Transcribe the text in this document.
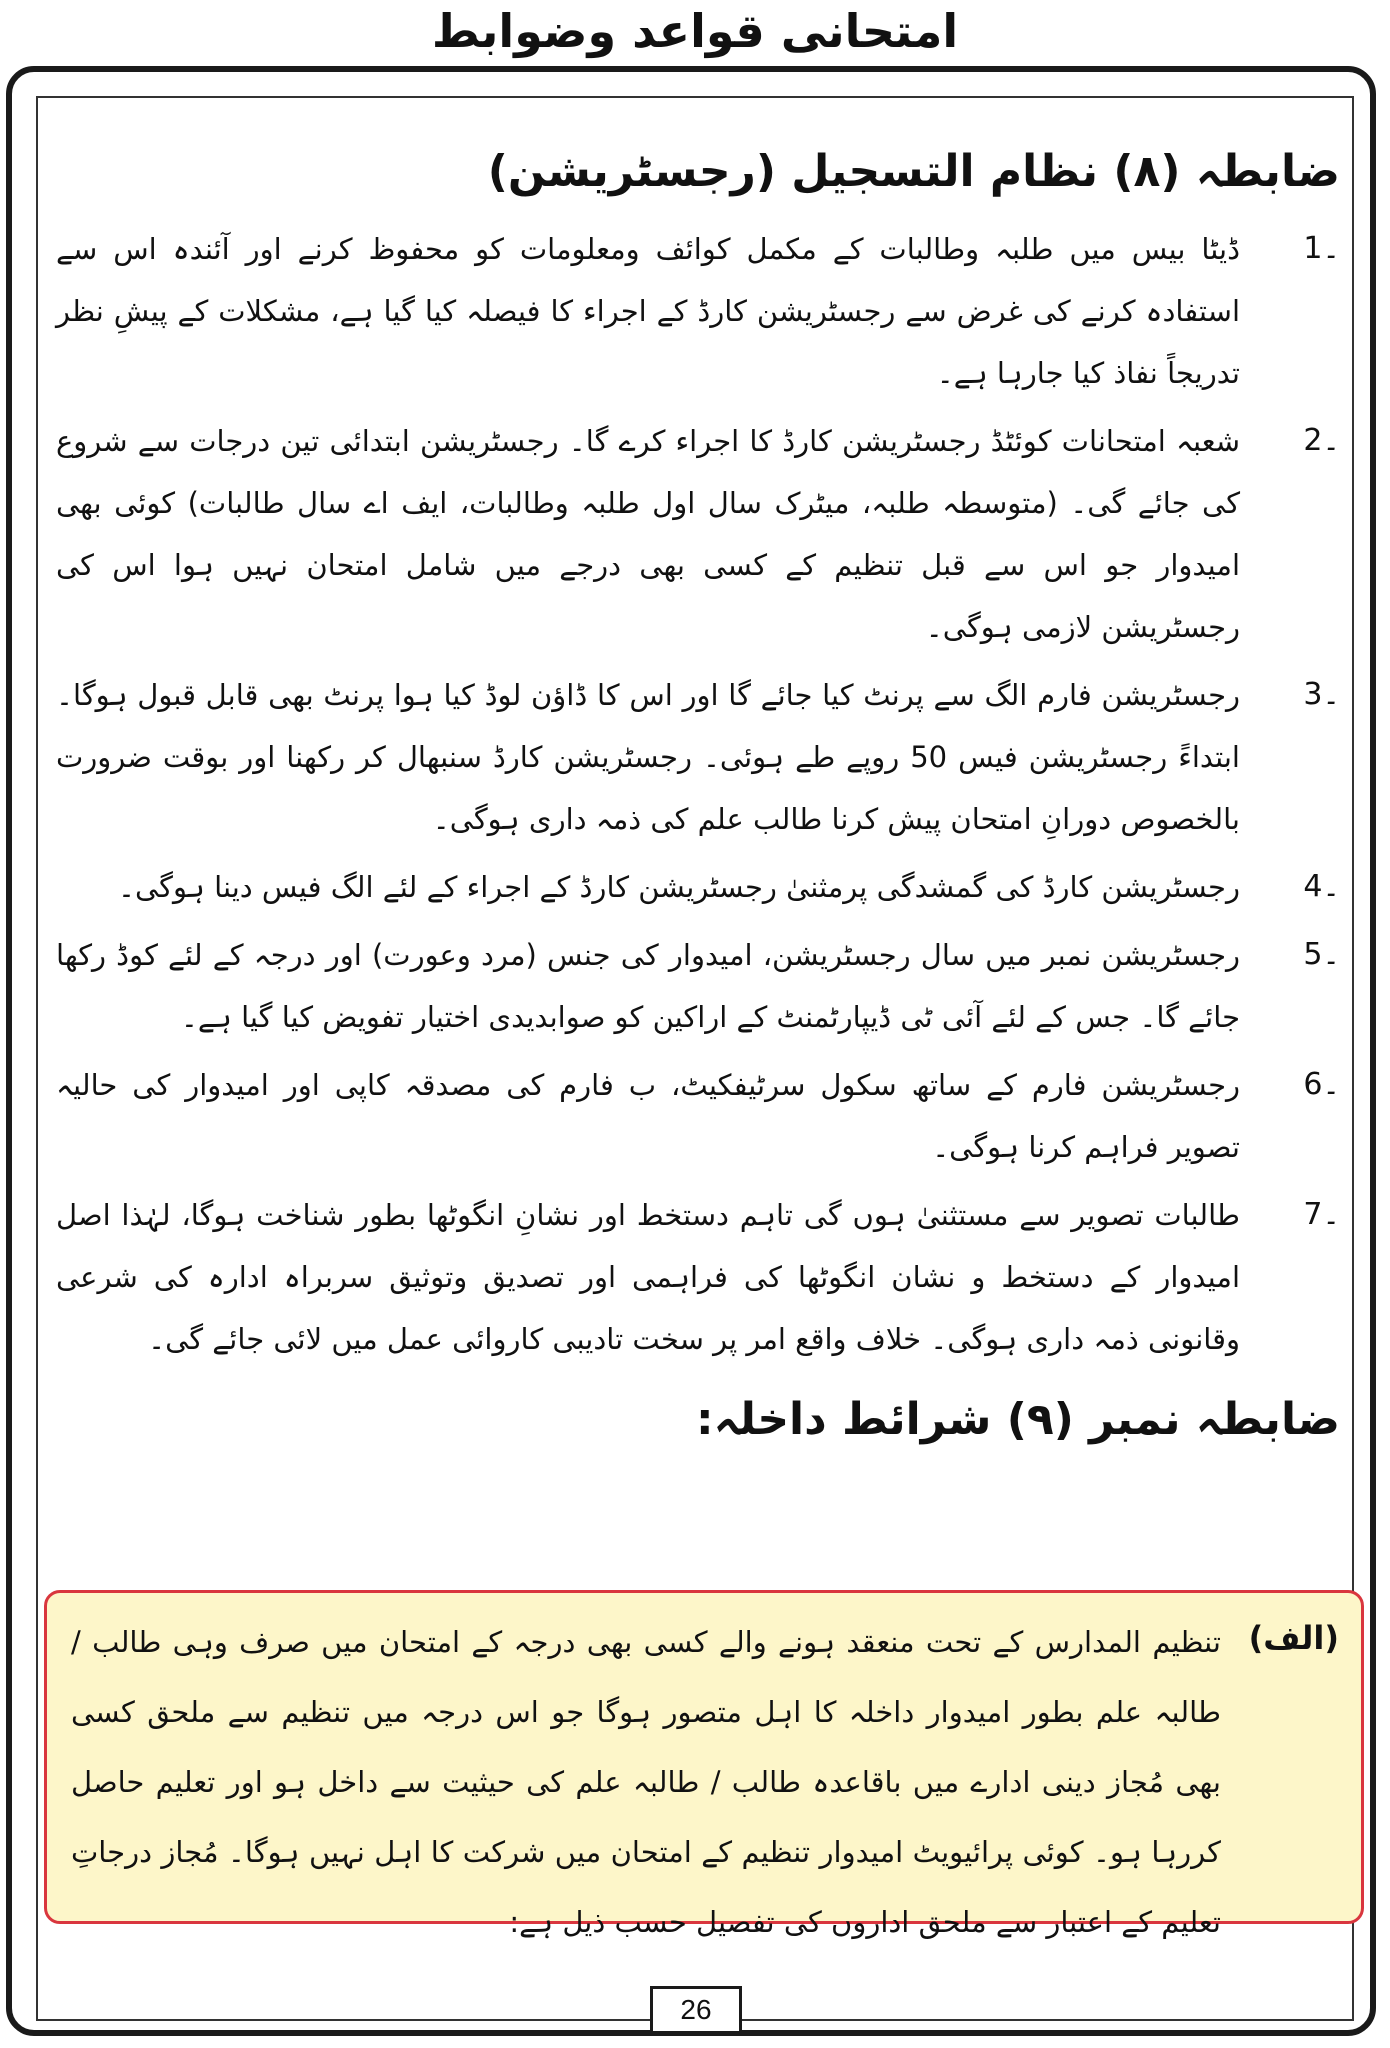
امتحانی قواعد وضوابط
ضابطہ (۸) نظام التسجیل (رجسٹریشن)
1۔
ڈیٹا بیس میں طلبہ وطالبات کے مکمل کوائف ومعلومات کو محفوظ کرنے اور آئندہ اس سے استفادہ کرنے کی غرض سے رجسٹریشن کارڈ کے اجراء کا فیصلہ کیا گیا ہے، مشکلات کے پیشِ نظر تدریجاً نفاذ کیا جارہا ہے۔
2۔
شعبہ امتحانات کوئٹڈ رجسٹریشن کارڈ کا اجراء کرے گا۔ رجسٹریشن ابتدائی تین درجات سے شروع کی جائے گی۔ (متوسطہ طلبہ، میٹرک سال اول طلبہ وطالبات، ایف اے سال طالبات) کوئی بھی امیدوار جو اس سے قبل تنظیم کے کسی بھی درجے میں شامل امتحان نہیں ہوا اس کی رجسٹریشن لازمی ہوگی۔
3۔
رجسٹریشن فارم الگ سے پرنٹ کیا جائے گا اور اس کا ڈاؤن لوڈ کیا ہوا پرنٹ بھی قابل قبول ہوگا۔ ابتداءً رجسٹریشن فیس 50 روپے طے ہوئی۔ رجسٹریشن کارڈ سنبھال کر رکھنا اور بوقت ضرورت بالخصوص دورانِ امتحان پیش کرنا طالب علم کی ذمہ داری ہوگی۔
4۔
رجسٹریشن کارڈ کی گمشدگی پرمثنیٰ رجسٹریشن کارڈ کے اجراء کے لئے الگ فیس دینا ہوگی۔
5۔
رجسٹریشن نمبر میں سال رجسٹریشن، امیدوار کی جنس (مرد وعورت) اور درجہ کے لئے کوڈ رکھا جائے گا۔ جس کے لئے آئی ٹی ڈیپارٹمنٹ کے اراکین کو صوابدیدی اختیار تفویض کیا گیا ہے۔
6۔
رجسٹریشن فارم کے ساتھ سکول سرٹیفکیٹ، ب فارم کی مصدقہ کاپی اور امیدوار کی حالیہ تصویر فراہم کرنا ہوگی۔
7۔
طالبات تصویر سے مستثنیٰ ہوں گی تاہم دستخط اور نشانِ انگوٹھا بطور شناخت ہوگا، لہٰذا اصل امیدوار کے دستخط و نشان انگوٹھا کی فراہمی اور تصدیق وتوثیق سربراہ ادارہ کی شرعی وقانونی ذمہ داری ہوگی۔ خلاف واقع امر پر سخت تادیبی کاروائی عمل میں لائی جائے گی۔
ضابطہ نمبر (۹) شرائط داخلہ:
(الف)
تنظیم المدارس کے تحت منعقد ہونے والے کسی بھی درجہ کے امتحان میں صرف وہی طالب / طالبہ علم بطور امیدوار داخلہ کا اہل متصور ہوگا جو اس درجہ میں تنظیم سے ملحق کسی بھی مُجاز دینی ادارے میں باقاعدہ طالب / طالبہ علم کی حیثیت سے داخل ہو اور تعلیم حاصل کررہا ہو۔ کوئی پرائیویٹ امیدوار تنظیم کے امتحان میں شرکت کا اہل نہیں ہوگا۔ مُجاز درجاتِ تعلیم کے اعتبار سے ملحق اداروں کی تفصیل حسب ذیل ہے:
26
